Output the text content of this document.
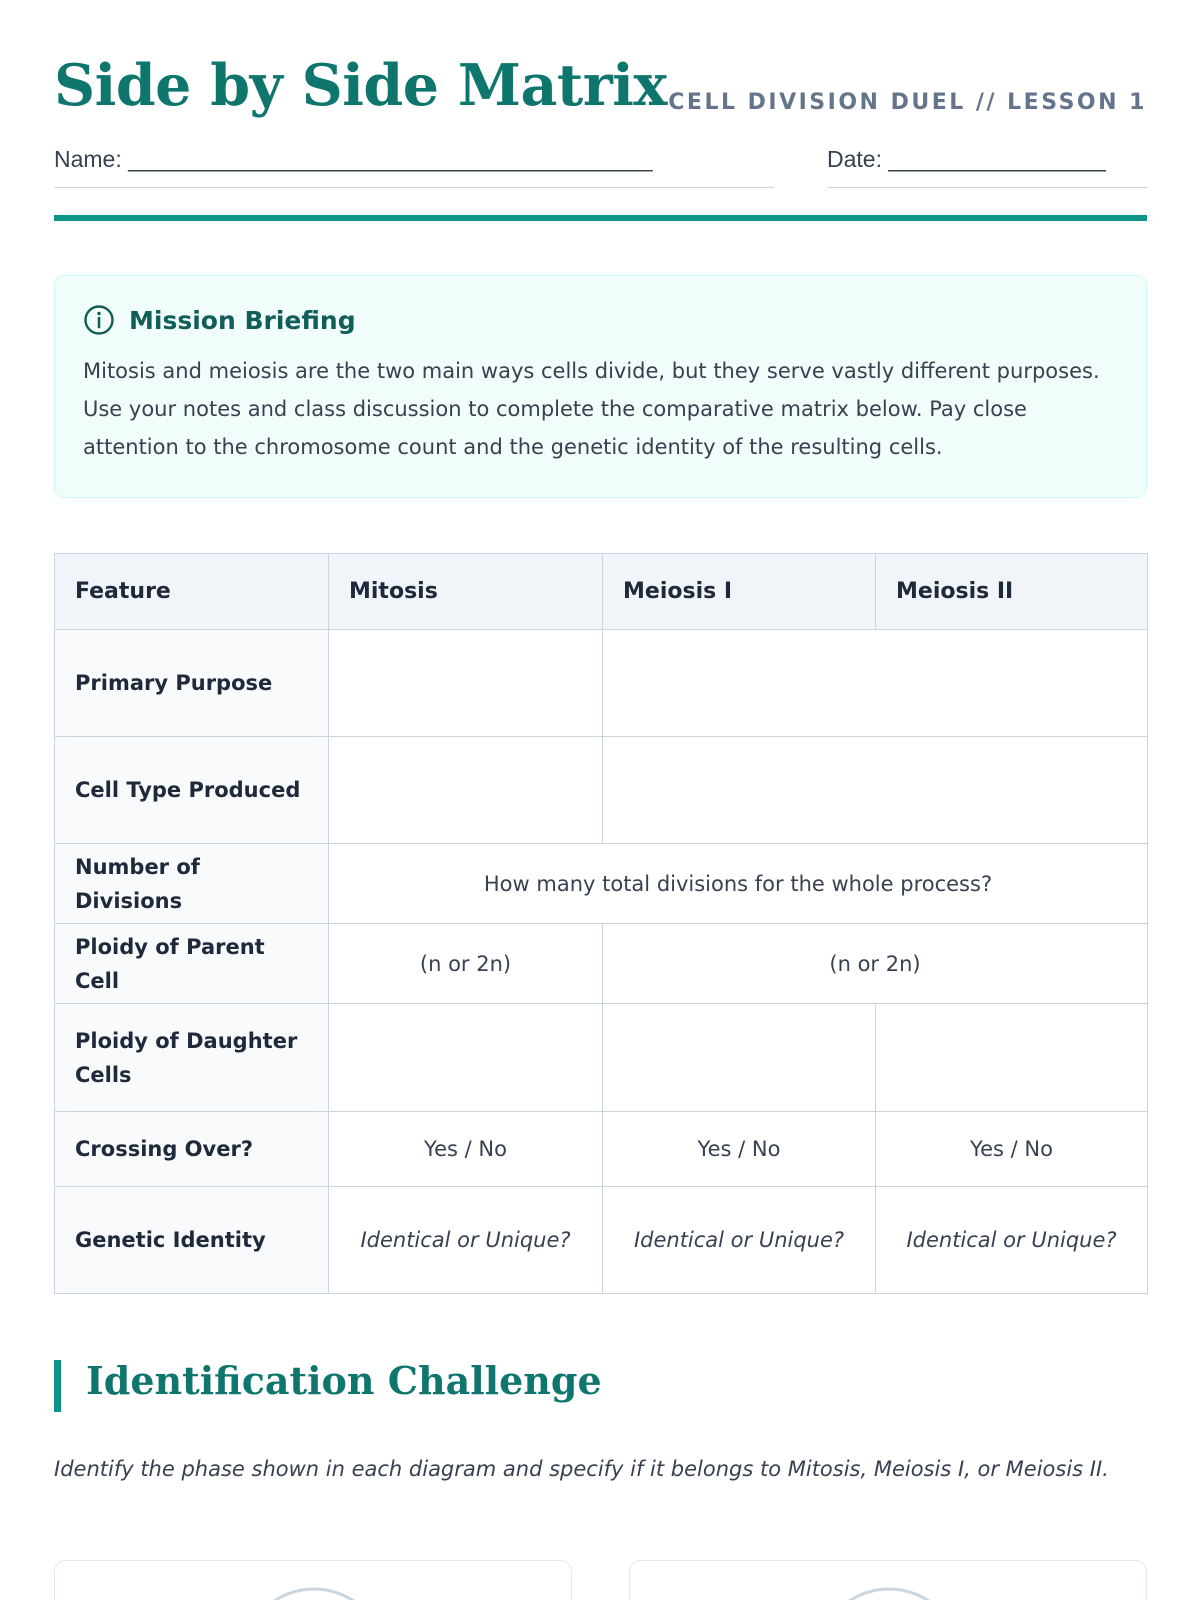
Side by Side Matrix CELL DIVISION DUEL // LESSON 1
Name: _________________________________________	Date: _________________
Mission Briefing

Mitosis and meiosis are the two main ways cells divide, but they serve vastly different purposes. Use your notes and class discussion to complete the comparative matrix below. Pay close attention to the chromosome count and the genetic identity of the resulting cells.

Feature	Mitosis	Meiosis I	Meiosis II
Primary Purpose			
Cell Type Produced			
Number of Divisions	How many total divisions for the whole process?		
Ploidy of Parent Cell	(n or 2n)	(n or 2n)	
Ploidy of Daughter Cells			
Crossing Over?	Yes / No	Yes / No	Yes / No
Genetic Identity	Identical or Unique?	Identical or Unique?	Identical or Unique?
Identification Challenge

Identify the phase shown in each diagram and specify if it belongs to Mitosis, Meiosis I, or Meiosis II.
